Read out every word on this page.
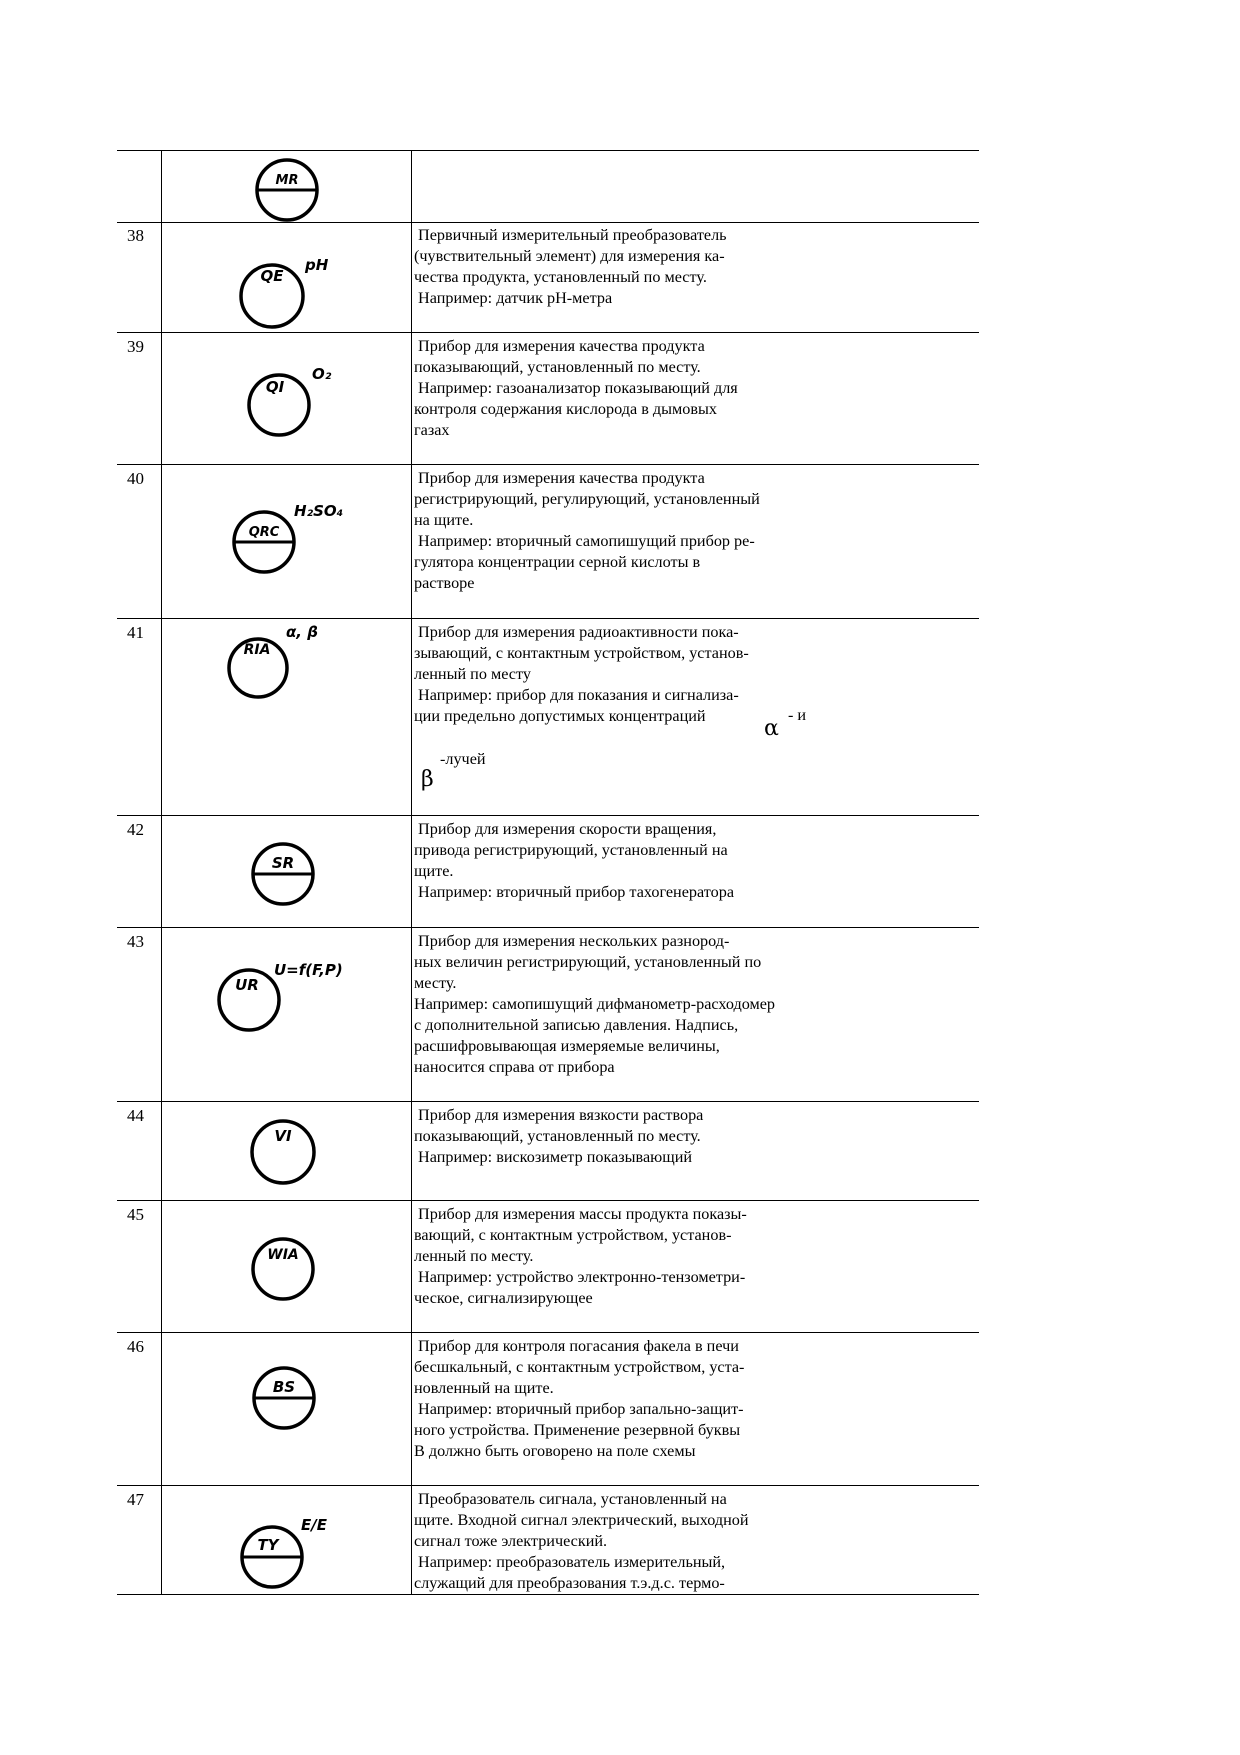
MR
38
QE
pH
Первичный измерительный преобразователь
(чувствительный элемент) для измерения ка-
чества продукта, установленный по месту.
Например: датчик pH-метра
39
QI
O₂
Прибор для измерения качества продукта
показывающий, установленный по месту.
Например: газоанализатор показывающий для
контроля содержания кислорода в дымовых
газах
40
QRC
H₂SO₄
Прибор для измерения качества продукта
регистрирующий, регулирующий, установленный
на щите.
Например: вторичный самопишущий прибор ре-
гулятора концентрации серной кислоты в
растворе
41
RIA
α, β	Прибор для измерения радиоактивности пока-
зывающий, с контактным устройством, установ-
ленный по месту
Например: прибор для показания и сигнализа-
ции предельно допустимых концентраций	α
- и
β
-лучей
42
SR
Прибор для измерения скорости вращения,
привода регистрирующий, установленный на
щите.
Например: вторичный прибор тахогенератора
43
UR
U=f(F,P)
Прибор для измерения нескольких разнород-
ных величин регистрирующий, установленный по
месту.
Например: самопишущий дифманометр-расходомер
с дополнительной записью давления. Надпись,
расшифровывающая измеряемые величины,
наносится справа от прибора
44
VI
Прибор для измерения вязкости раствора
показывающий, установленный по месту.
Например: вискозиметр показывающий
45
WIA
Прибор для измерения массы продукта показы-
вающий, с контактным устройством, установ-
ленный по месту.
Например: устройство электронно-тензометри-
ческое, сигнализирующее
46
BS
Прибор для контроля погасания факела в печи
бесшкальный, с контактным устройством, уста-
новленный на щите.
Например: вторичный прибор запально-защит-
ного устройства. Применение резервной буквы
В должно быть оговорено на поле схемы
47
TY
E/E
Преобразователь сигнала, установленный на
щите. Входной сигнал электрический, выходной
сигнал тоже электрический.
Например: преобразователь измерительный,
служащий для преобразования т.э.д.с. термо-
